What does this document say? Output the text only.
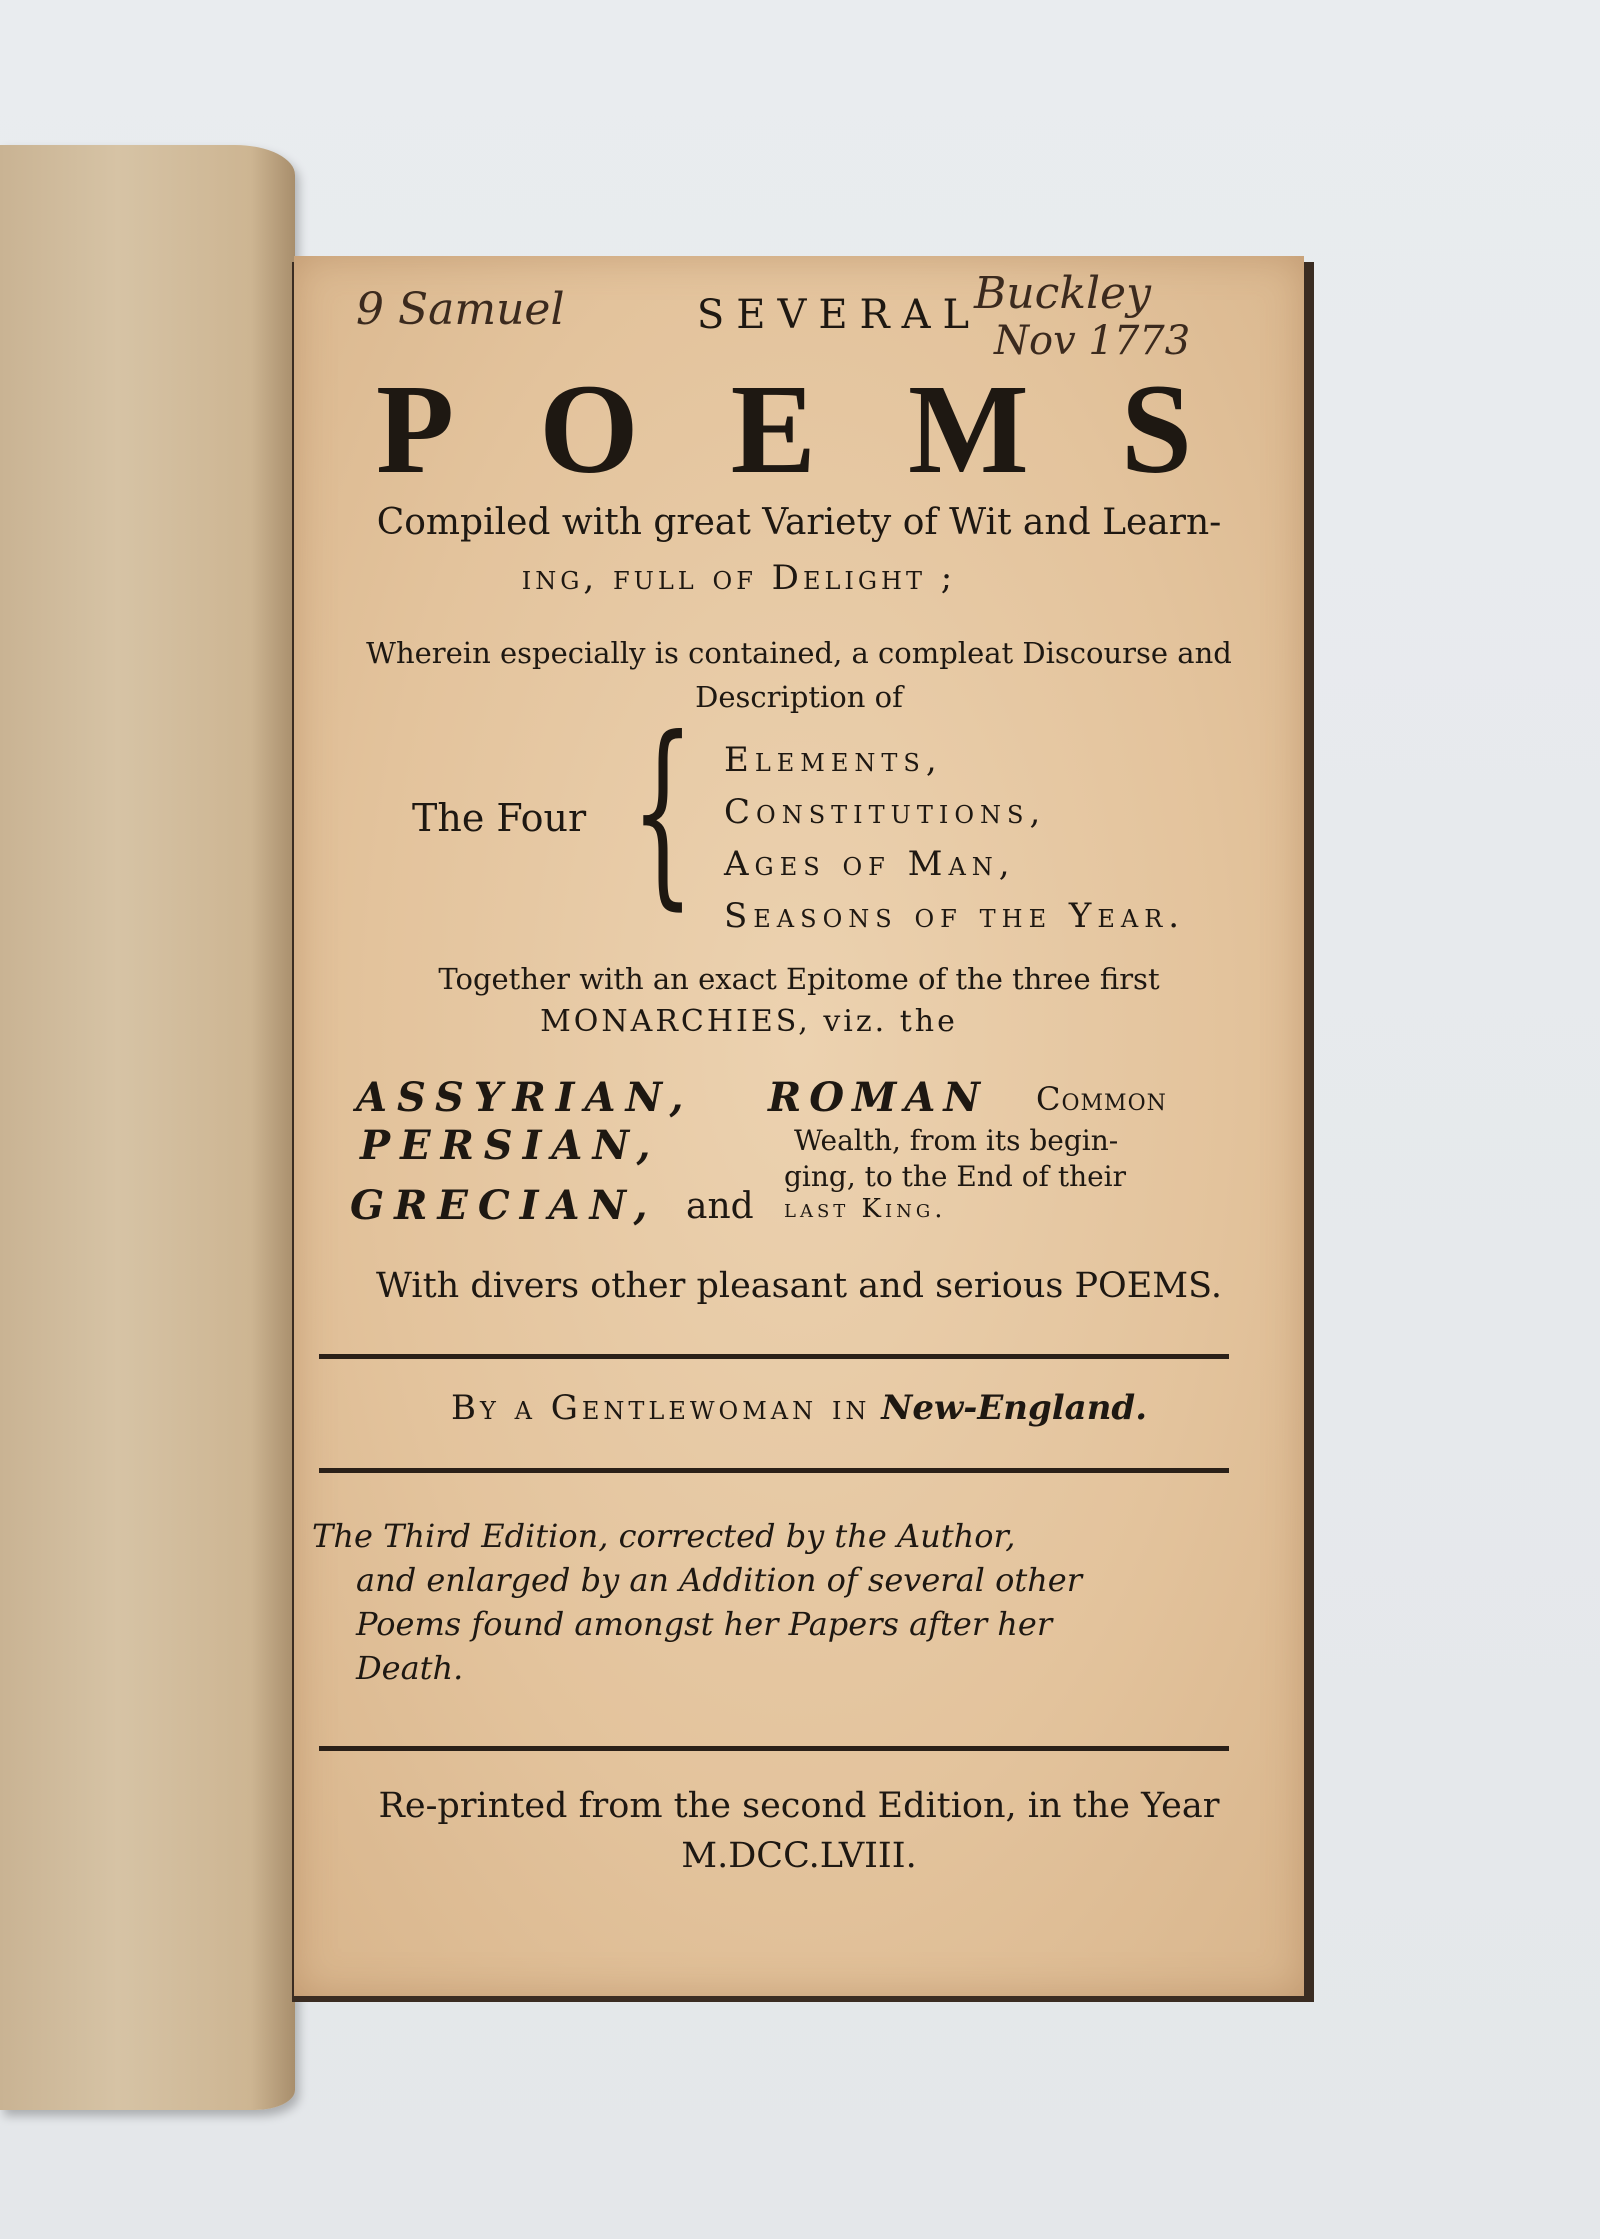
9 Samuel	Buckley
Nov 1773
SEVERAL
P O E M S
Compiled with great Variety of Wit and Learn-
ing, full of Delight ;
Wherein especially is contained, a compleat Discourse and
Description of
The Four { Elements,
Constitutions,
Ages of Man,
Seasons of the Year.
Together with an exact Epitome of the three first
MONARCHIES, viz. the
ASSYRIAN,
PERSIAN,
GRECIAN, and
ROMAN Common
Wealth, from its begin-
ging, to the End of their
last King.
With divers other pleasant and serious POEMS.
By a Gentlewoman in New-England.
The Third Edition, corrected by the Author,
and enlarged by an Addition of several other
Poems found amongst her Papers after her
Death.
Re-printed from the second Edition, in the Year
M.DCC.LVIII.
